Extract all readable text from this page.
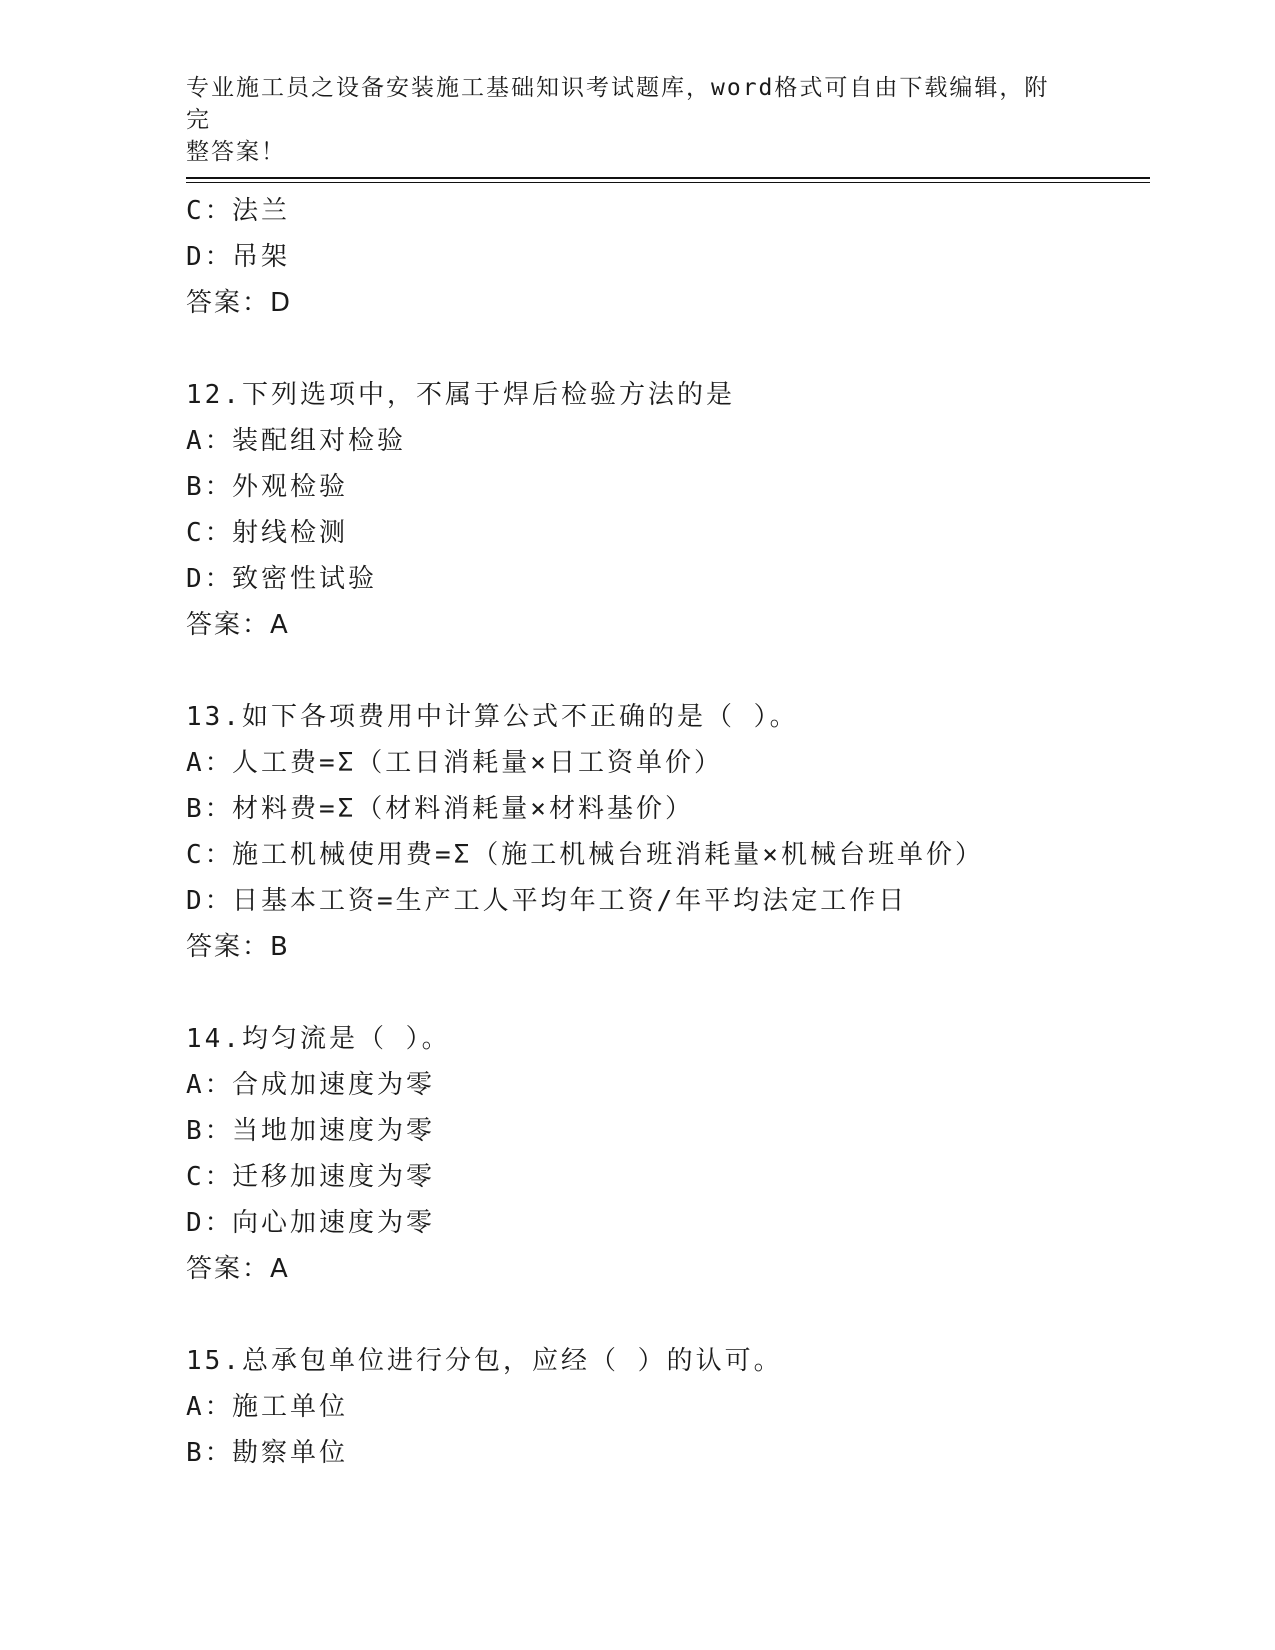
专业施工员之设备安装施工基础知识考试题库，word格式可自由下载编辑，附完
整答案！
C：法兰
D：吊架
答案：D
12.下列选项中，不属于焊后检验方法的是
A：装配组对检验
B：外观检验
C：射线检测
D：致密性试验
答案：A
13.如下各项费用中计算公式不正确的是（ ）。
A：人工费=Σ（工日消耗量×日工资单价）
B：材料费=Σ（材料消耗量×材料基价）
C：施工机械使用费=Σ（施工机械台班消耗量×机械台班单价）
D：日基本工资=生产工人平均年工资/年平均法定工作日
答案：B
14.均匀流是（ ）。
A：合成加速度为零
B：当地加速度为零
C：迁移加速度为零
D：向心加速度为零
答案：A
15.总承包单位进行分包，应经（ ）的认可。
A：施工单位
B：勘察单位
